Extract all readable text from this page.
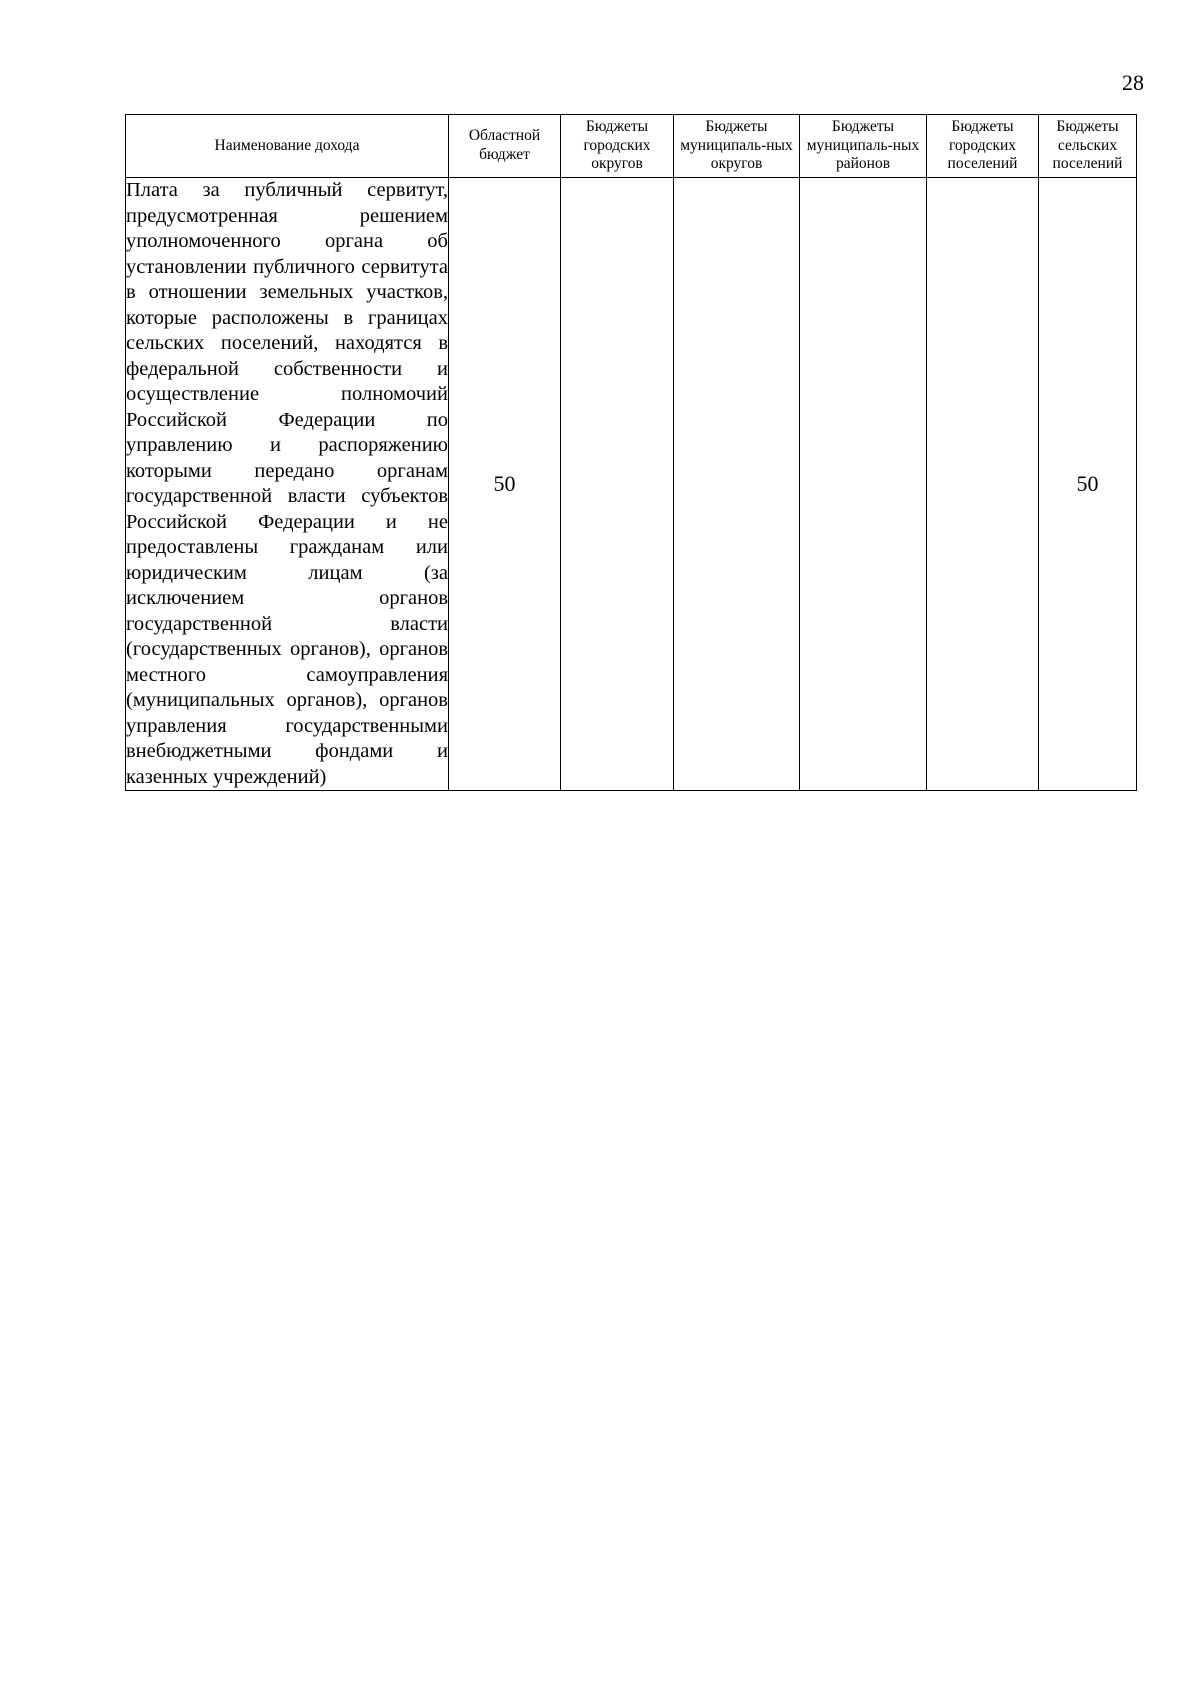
28
Наименование дохода	Областной бюджет	Бюджеты городских округов	Бюджеты муниципаль-ных округов	Бюджеты муниципаль-ных районов	Бюджеты городских поселений	Бюджеты сельских поселений
Плата за публичный сервитут, предусмотренная решением уполномоченного органа об установлении публичного сервитута в отношении земельных участков, которые расположены в границах сельских поселений, находятся в федеральной собственности и осуществление полномочий Российской Федерации по управлению и распоряжению которыми передано органам государственной власти субъектов Российской Федерации и не предоставлены гражданам или юридическим лицам (за исключением органов государственной власти (государственных органов), органов местного самоуправления (муниципальных органов), органов управления государственными внебюджетными фондами и казенных учреждений)	50					50
